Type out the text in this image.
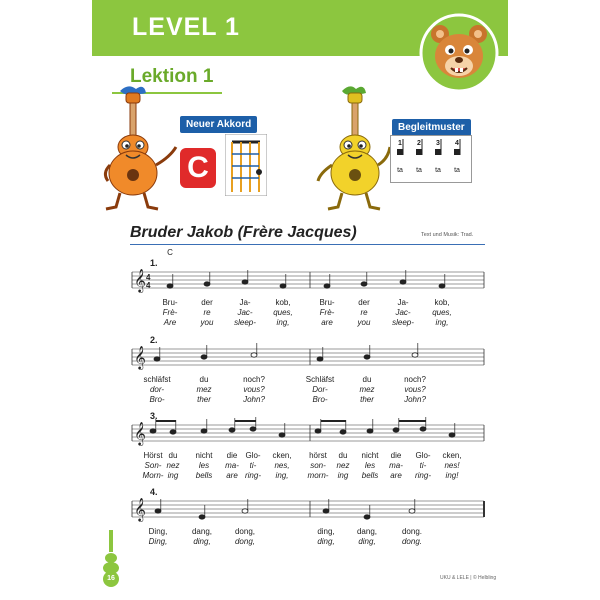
LEVEL 1
Lektion 1
Neuer Akkord
C
Begleitmuster
1	2	3	4
ta	ta	ta	ta
Bruder Jakob (Frère Jacques)	Text und Musik: Trad.
C
𝄞 4
4
𝄞
𝄞
𝄞
1.
Bru-	der	Ja-	kob,	Bru-	der	Ja-	kob,
Frè-	re	Jac-	ques,	Frè-	re	Jac-	ques,
Are	you	sleep-	ing,	are	you	sleep-	ing,
2.
schläfst	du	noch?	Schläfst	du	noch?
dor-	mez	vous?	Dor-	mez	vous?
Bro-	ther	John?	Bro-	ther	John?
3.
Hörst du	nicht	die	Glo-	cken,	hörst	du	nicht	die	Glo-	cken,
Son- nez	les	ma-	ti-	nes,	son-	nez	les	ma-	ti-	nes!
Morn- ing	bells	are ring-	ing,	morn-	ing	bells	are	ring-	ing!
4.
Ding,	dang,	dong,	ding,	dang,	dong.
Ding,	ding,	dong,	ding,	ding,	dong.
16	UKU & LELE | © Helbling
